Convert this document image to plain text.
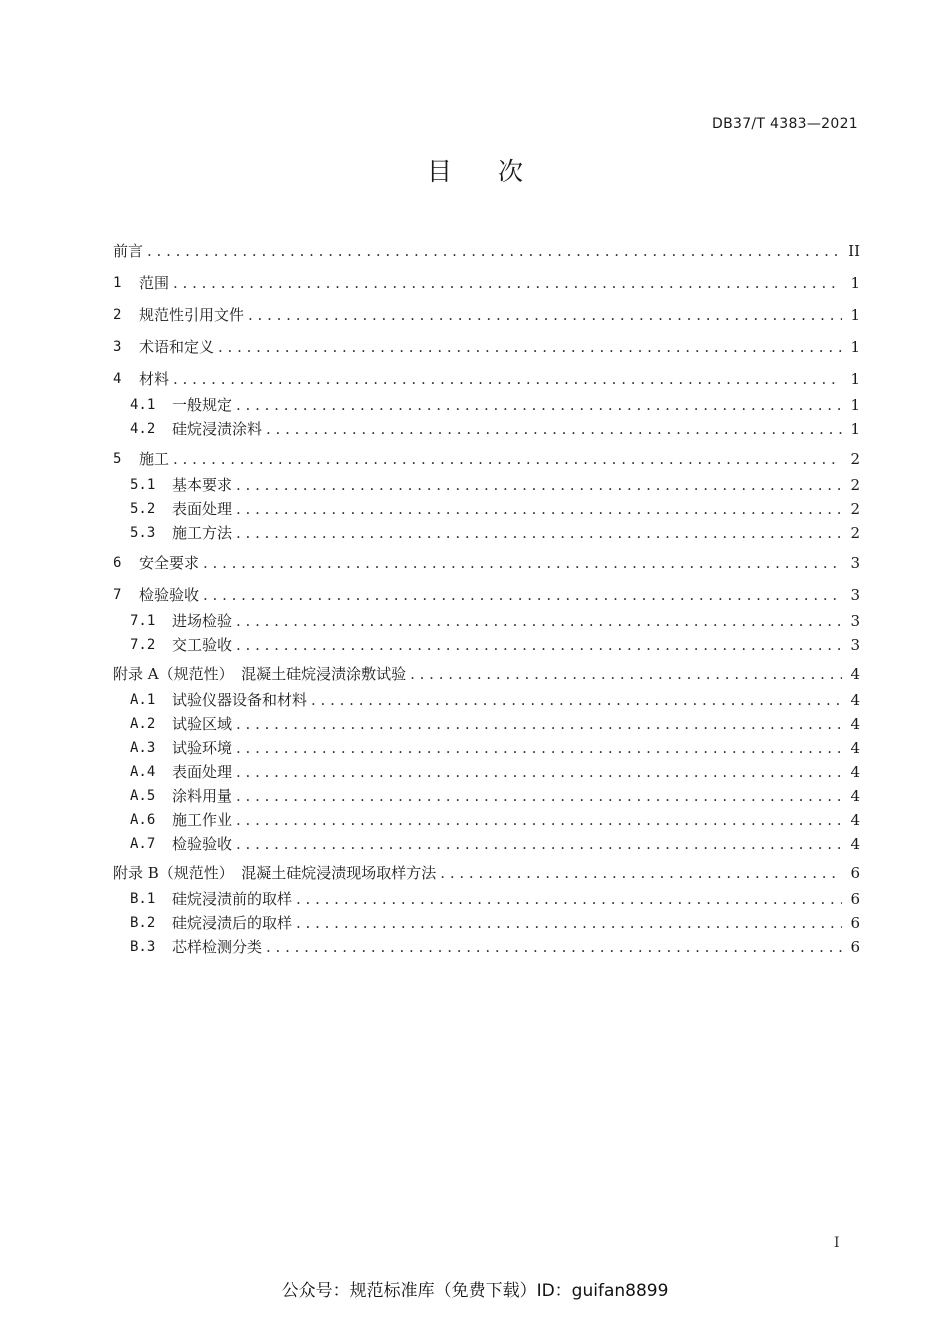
DB37/T 4383—2021
目次
前言 . . .	II
1	范围 . . .	1
2	规范性引用文件 . . .	1
3	术语和定义 . . .	1
4	材料 . . .	1
4.1	一般规定 . . .	1
4.2	硅烷浸渍涂料 . . .	1
5	施工 . . .	2
5.1	基本要求 . . .	2
5.2	表面处理 . . .	2
5.3	施工方法 . . .	2
6	安全要求 . . .	3
7	检验验收 . . .	3
7.1	进场检验 . . .	3
7.2	交工验收 . . .	3
附录 A（规范性）　混凝土硅烷浸渍涂敷试验 . . .	4
A.1	试验仪器设备和材料 . . .	4
A.2	试验区域 . . .	4
A.3	试验环境 . . .	4
A.4	表面处理 . . .	4
A.5	涂料用量 . . .	4
A.6	施工作业 . . .	4
A.7	检验验收 . . .	4
附录 B（规范性）　混凝土硅烷浸渍现场取样方法 . . .	6
B.1	硅烷浸渍前的取样 . . .	6
B.2	硅烷浸渍后的取样 . . .	6
B.3	芯样检测分类 . . .	6
I
公众号：规范标准库（免费下载）ID：guifan8899
